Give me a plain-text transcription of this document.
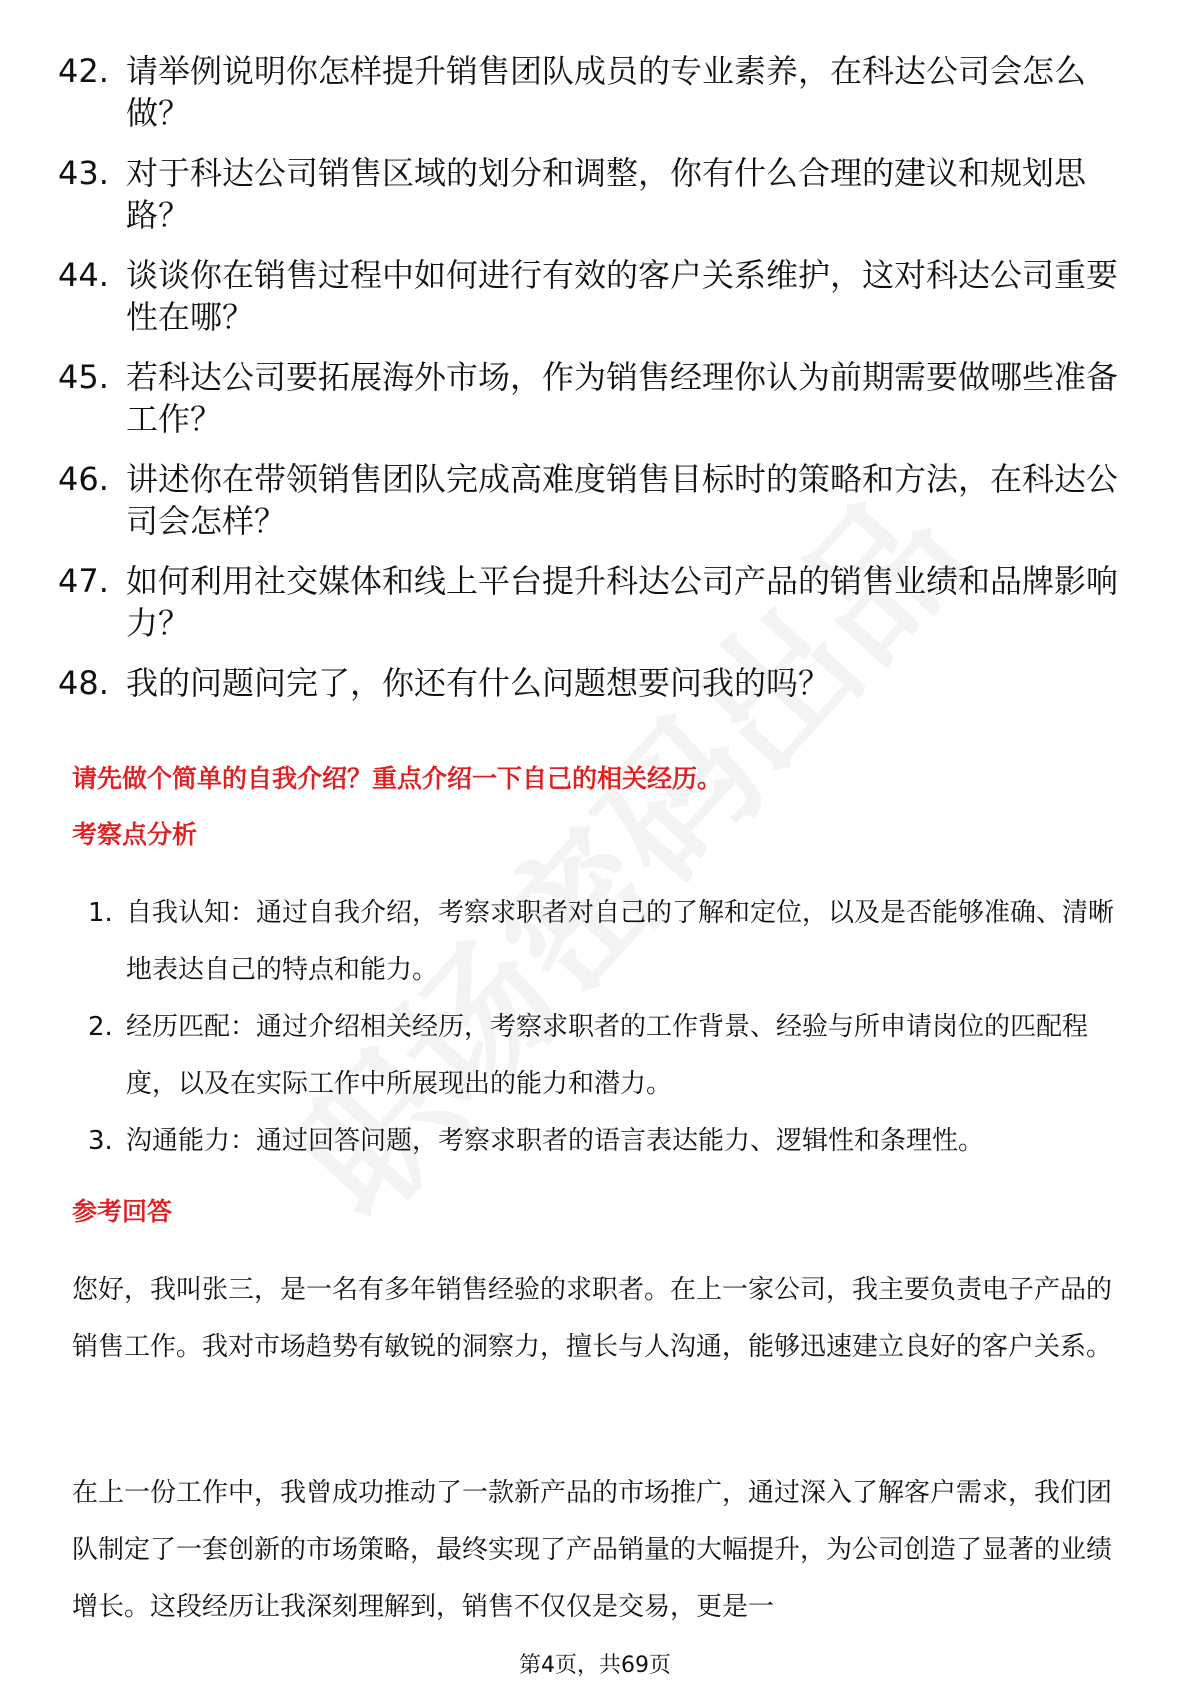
42. 请举例说明你怎样提升销售团队成员的专业素养，在科达公司会怎么做？
43. 对于科达公司销售区域的划分和调整，你有什么合理的建议和规划思路？
44. 谈谈你在销售过程中如何进行有效的客户关系维护，这对科达公司重要性在哪？
45. 若科达公司要拓展海外市场，作为销售经理你认为前期需要做哪些准备工作？
46. 讲述你在带领销售团队完成高难度销售目标时的策略和方法，在科达公司会怎样？
47. 如何利用社交媒体和线上平台提升科达公司产品的销售业绩和品牌影响力？
48. 我的问题问完了，你还有什么问题想要问我的吗？
请先做个简单的自我介绍？重点介绍一下自己的相关经历。
考察点分析
1. 自我认知：通过自我介绍，考察求职者对自己的了解和定位，以及是否能够准确、清晰地表达自己的特点和能力。
2. 经历匹配：通过介绍相关经历，考察求职者的工作背景、经验与所申请岗位的匹配程度，以及在实际工作中所展现出的能力和潜力。
3. 沟通能力：通过回答问题，考察求职者的语言表达能力、逻辑性和条理性。
参考回答

您好，我叫张三，是一名有多年销售经验的求职者。在上一家公司，我主要负责电子产品的销售工作。我对市场趋势有敏锐的洞察力，擅长与人沟通，能够迅速建立良好的客户关系。

在上一份工作中，我曾成功推动了一款新产品的市场推广，通过深入了解客户需求，我们团队制定了一套创新的市场策略，最终实现了产品销量的大幅提升，为公司创造了显著的业绩增长。这段经历让我深刻理解到，销售不仅仅是交易，更是一

第4页，共69页
